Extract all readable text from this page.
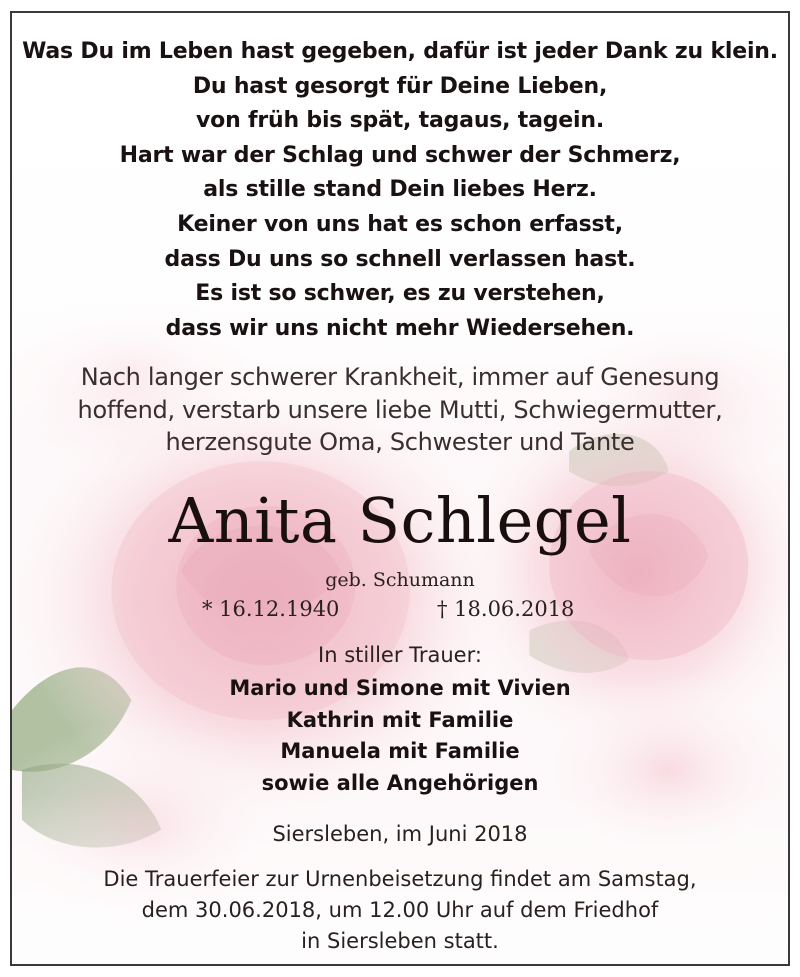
Was Du im Leben hast gegeben, dafür ist jeder Dank zu klein.
Du hast gesorgt für Deine Lieben,
von früh bis spät, tagaus, tagein.
Hart war der Schlag und schwer der Schmerz,
als stille stand Dein liebes Herz.
Keiner von uns hat es schon erfasst,
dass Du uns so schnell verlassen hast.
Es ist so schwer, es zu verstehen,
dass wir uns nicht mehr Wiedersehen.
Nach langer schwerer Krankheit, immer auf Genesung
hoffend, verstarb unsere liebe Mutti, Schwiegermutter,
herzensgute Oma, Schwester und Tante
Anita Schlegel
geb. Schumann
* 16.12.1940	† 18.06.2018
In stiller Trauer:
Mario und Simone mit Vivien
Kathrin mit Familie
Manuela mit Familie
sowie alle Angehörigen
Siersleben, im Juni 2018
Die Trauerfeier zur Urnenbeisetzung findet am Samstag,
dem 30.06.2018, um 12.00 Uhr auf dem Friedhof
in Siersleben statt.
